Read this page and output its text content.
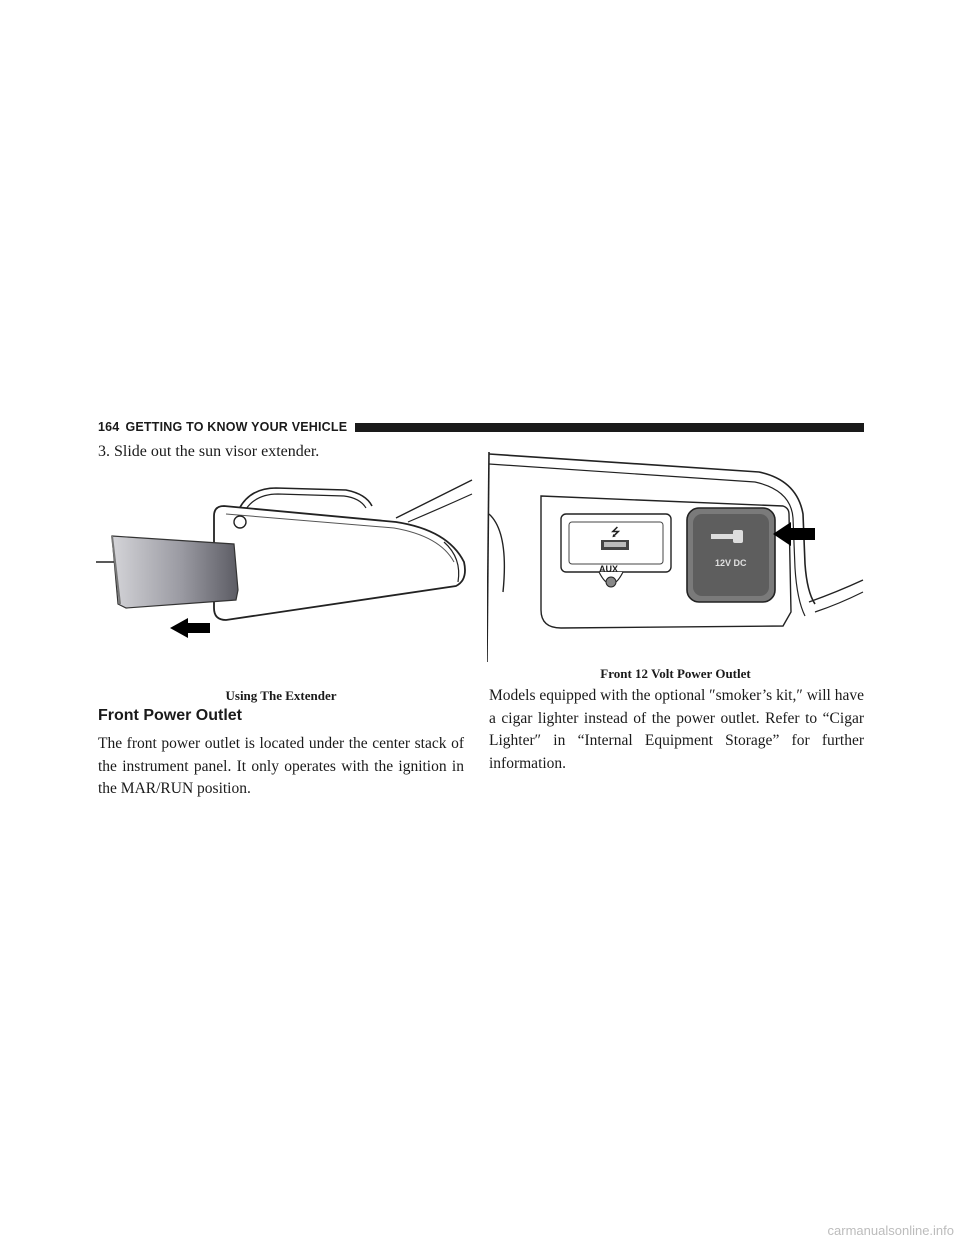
164 GETTING TO KNOW YOUR VEHICLE

3. Slide out the sun visor extender.

Using The Extender
Front Power Outlet

The front power outlet is located under the center stack of the instrument panel. It only operates with the ignition in the MAR/RUN position.

⭍
AUX
12V DC
Front 12 Volt Power Outlet

Models equipped with the optional ″smoker’s kit,″ will have a cigar lighter instead of the power outlet. Refer to “Cigar Lighter″ in “Internal Equipment Storage” for further information.

carmanualsonline.info
